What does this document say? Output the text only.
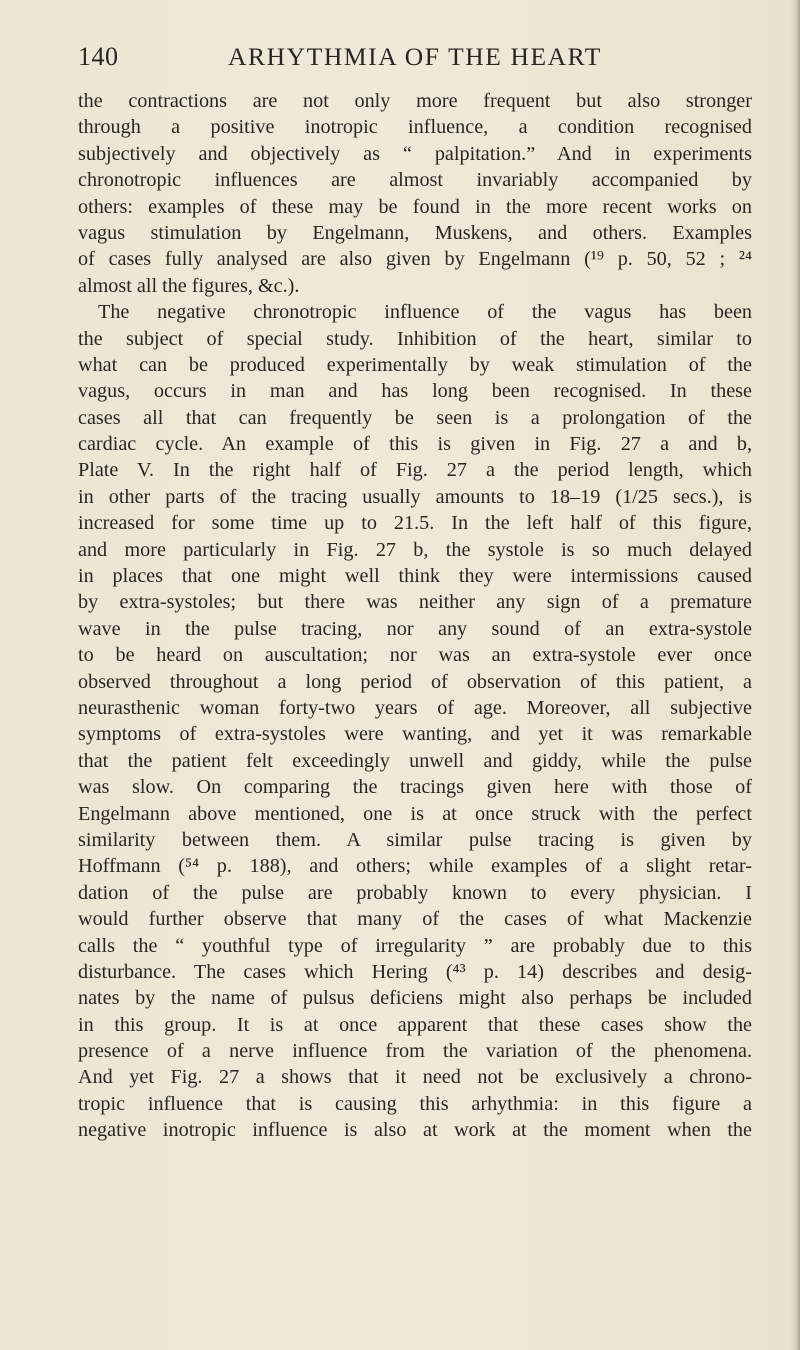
140	ARHYTHMIA OF THE HEART
the contractions are not only more frequent but also stronger
through a positive inotropic influence, a condition recognised
subjectively and objectively as “ palpitation.” And in experiments
chronotropic influences are almost invariably accompanied by
others: examples of these may be found in the more recent works on
vagus stimulation by Engelmann, Muskens, and others. Examples
of cases fully analysed are also given by Engelmann (¹⁹ p. 50, 52 ; ²⁴
almost all the figures, &c.).
The negative chronotropic influence of the vagus has been
the subject of special study. Inhibition of the heart, similar to
what can be produced experimentally by weak stimulation of the
vagus, occurs in man and has long been recognised. In these
cases all that can frequently be seen is a prolongation of the
cardiac cycle. An example of this is given in Fig. 27 a and b,
Plate V. In the right half of Fig. 27 a the period length, which
in other parts of the tracing usually amounts to 18–19 (1/25 secs.), is
increased for some time up to 21.5. In the left half of this figure,
and more particularly in Fig. 27 b, the systole is so much delayed
in places that one might well think they were intermissions caused
by extra-systoles; but there was neither any sign of a premature
wave in the pulse tracing, nor any sound of an extra-systole
to be heard on auscultation; nor was an extra-systole ever once
observed throughout a long period of observation of this patient, a
neurasthenic woman forty-two years of age. Moreover, all subjective
symptoms of extra-systoles were wanting, and yet it was remarkable
that the patient felt exceedingly unwell and giddy, while the pulse
was slow. On comparing the tracings given here with those of
Engelmann above mentioned, one is at once struck with the perfect
similarity between them. A similar pulse tracing is given by
Hoffmann (⁵⁴ p. 188), and others; while examples of a slight retar-
dation of the pulse are probably known to every physician. I
would further observe that many of the cases of what Mackenzie
calls the “ youthful type of irregularity ” are probably due to this
disturbance. The cases which Hering (⁴³ p. 14) describes and desig-
nates by the name of pulsus deficiens might also perhaps be included
in this group. It is at once apparent that these cases show the
presence of a nerve influence from the variation of the phenomena.
And yet Fig. 27 a shows that it need not be exclusively a chrono-
tropic influence that is causing this arhythmia: in this figure a
negative inotropic influence is also at work at the moment when the
